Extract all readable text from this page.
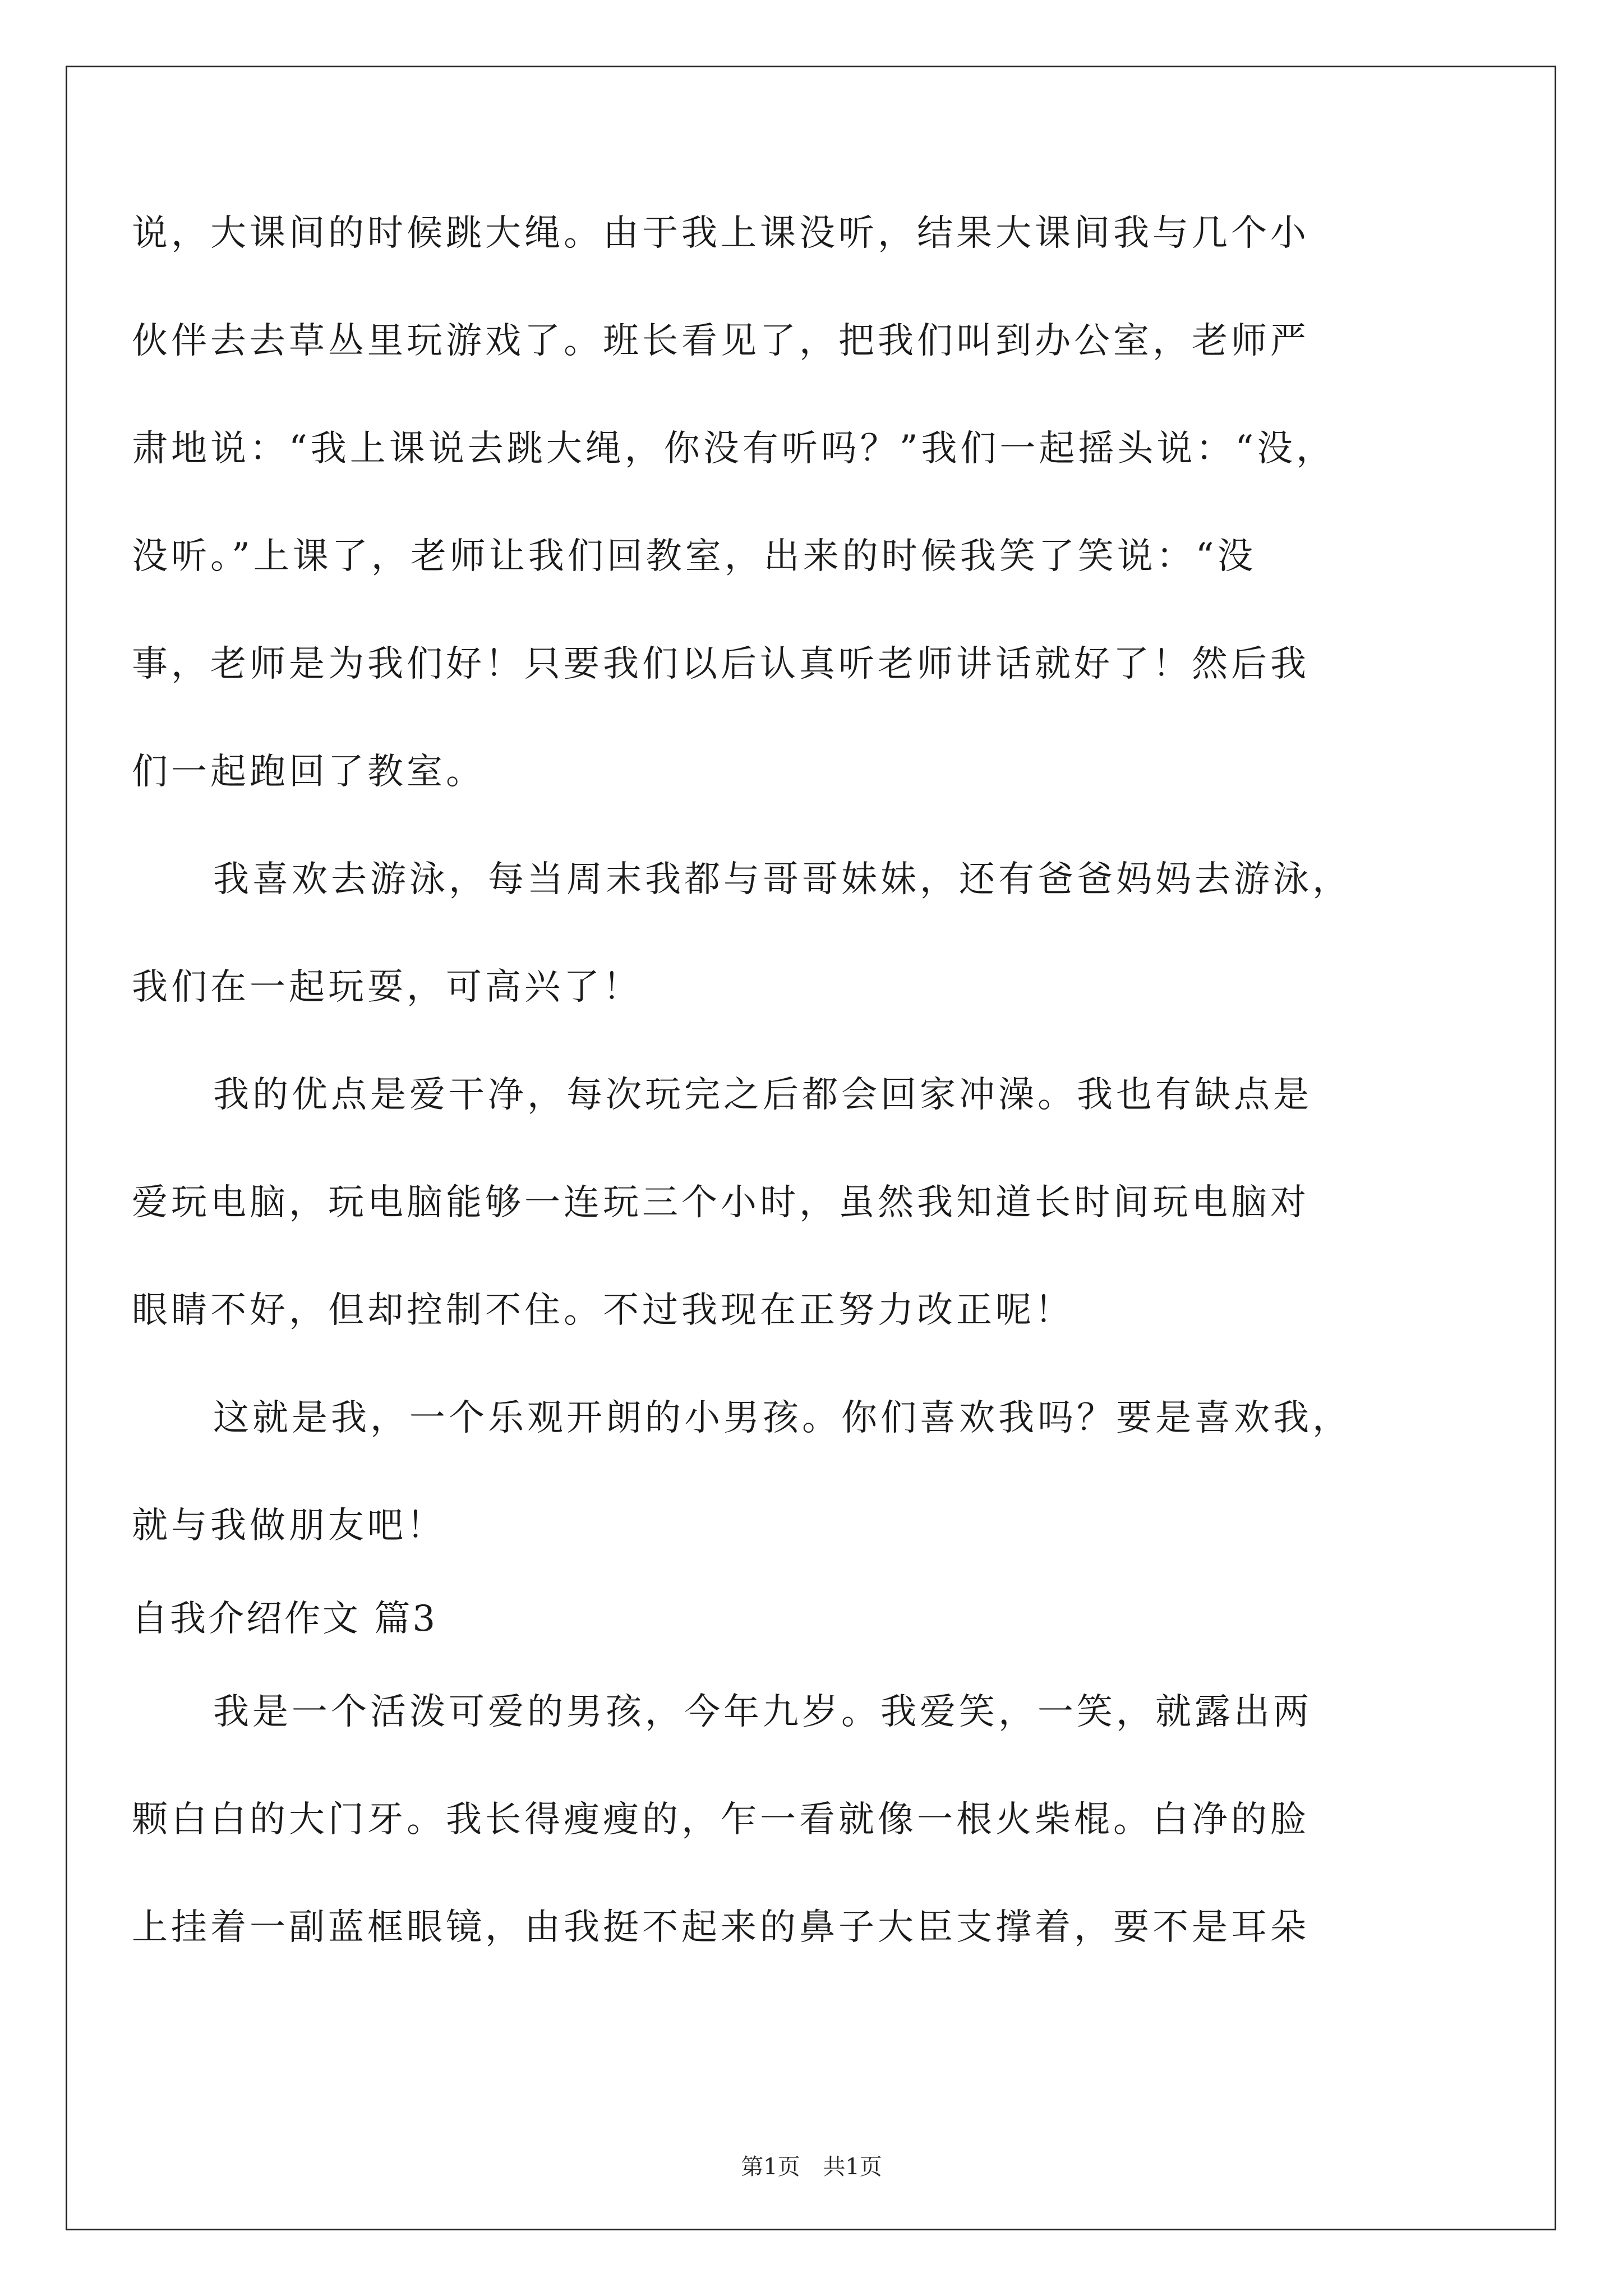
说，大课间的时候跳大绳。由于我上课没听，结果大课间我与几个小
伙伴去去草丛里玩游戏了。班长看见了，把我们叫到办公室，老师严
肃地说：“我上课说去跳大绳，你没有听吗？”我们一起摇头说：“没，
没听。”上课了，老师让我们回教室，出来的时候我笑了笑说：“没
事，老师是为我们好！只要我们以后认真听老师讲话就好了！然后我
们一起跑回了教室。
我喜欢去游泳，每当周末我都与哥哥妹妹，还有爸爸妈妈去游泳，
我们在一起玩耍，可高兴了！
我的优点是爱干净，每次玩完之后都会回家冲澡。我也有缺点是
爱玩电脑，玩电脑能够一连玩三个小时，虽然我知道长时间玩电脑对
眼睛不好，但却控制不住。不过我现在正努力改正呢！
这就是我，一个乐观开朗的小男孩。你们喜欢我吗？要是喜欢我，
就与我做朋友吧！
自我介绍作文 篇3
我是一个活泼可爱的男孩，今年九岁。我爱笑，一笑，就露出两
颗白白的大门牙。我长得瘦瘦的，乍一看就像一根火柴棍。白净的脸
上挂着一副蓝框眼镜，由我挺不起来的鼻子大臣支撑着，要不是耳朵
第1页 共1页
